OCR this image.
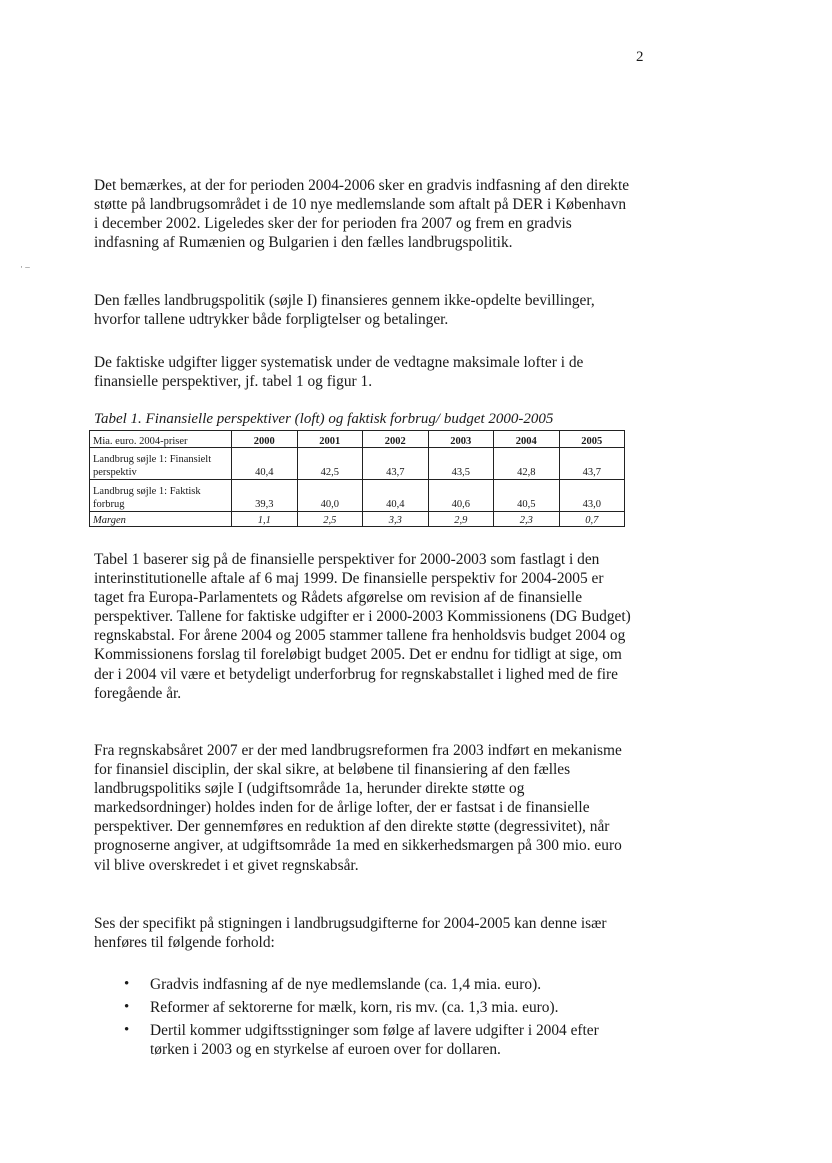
2
· –

Det bemærkes, at der for perioden 2004-2006 sker en gradvis indfasning af den direkte støtte på landbrugsområdet i de 10 nye medlemslande som aftalt på DER i København i december 2002. Ligeledes sker der for perioden fra 2007 og frem en gradvis indfasning af Rumænien og Bulgarien i den fælles landbrugspolitik.

Den fælles landbrugspolitik (søjle I) finansieres gennem ikke-opdelte bevillinger, hvorfor tallene udtrykker både forpligtelser og betalinger.

De faktiske udgifter ligger systematisk under de vedtagne maksimale lofter i de finansielle perspektiver, jf. tabel 1 og figur 1.

Tabel 1. Finansielle perspektiver (loft) og faktisk forbrug/ budget 2000-2005
Mia. euro. 2004-priser	2000	2001	2002	2003	2004	2005
Landbrug søjle 1: Finansielt perspektiv	40,4	42,5	43,7	43,5	42,8	43,7
Landbrug søjle 1: Faktisk forbrug	39,3	40,0	40,4	40,6	40,5	43,0
Margen	1,1	2,5	3,3	2,9	2,3	0,7

Tabel 1 baserer sig på de finansielle perspektiver for 2000-2003 som fastlagt i den interinstitutionelle aftale af 6 maj 1999. De finansielle perspektiv for 2004-2005 er taget fra Europa-Parlamentets og Rådets afgørelse om revision af de finansielle perspektiver. Tallene for faktiske udgifter er i 2000-2003 Kommissionens (DG Budget) regnskabstal. For årene 2004 og 2005 stammer tallene fra henholdsvis budget 2004 og Kommissionens forslag til foreløbigt budget 2005. Det er endnu for tidligt at sige, om der i 2004 vil være et betydeligt underforbrug for regnskabstallet i lighed med de fire foregående år.

Fra regnskabsåret 2007 er der med landbrugsreformen fra 2003 indført en mekanisme for finansiel disciplin, der skal sikre, at beløbene til finansiering af den fælles landbrugspolitiks søjle I (udgiftsområde 1a, herunder direkte støtte og markedsordninger) holdes inden for de årlige lofter, der er fastsat i de finansielle perspektiver. Der gennemføres en reduktion af den direkte støtte (degressivitet), når prognoserne angiver, at udgiftsområde 1a med en sikkerhedsmargen på 300 mio. euro vil blive overskredet i et givet regnskabsår.

Ses der specifikt på stigningen i landbrugsudgifterne for 2004-2005 kan denne især henføres til følgende forhold:

• Gradvis indfasning af de nye medlemslande (ca. 1,4 mia. euro).
• Reformer af sektorerne for mælk, korn, ris mv. (ca. 1,3 mia. euro).
• Dertil kommer udgiftsstigninger som følge af lavere udgifter i 2004 efter tørken i 2003 og en styrkelse af euroen over for dollaren.
